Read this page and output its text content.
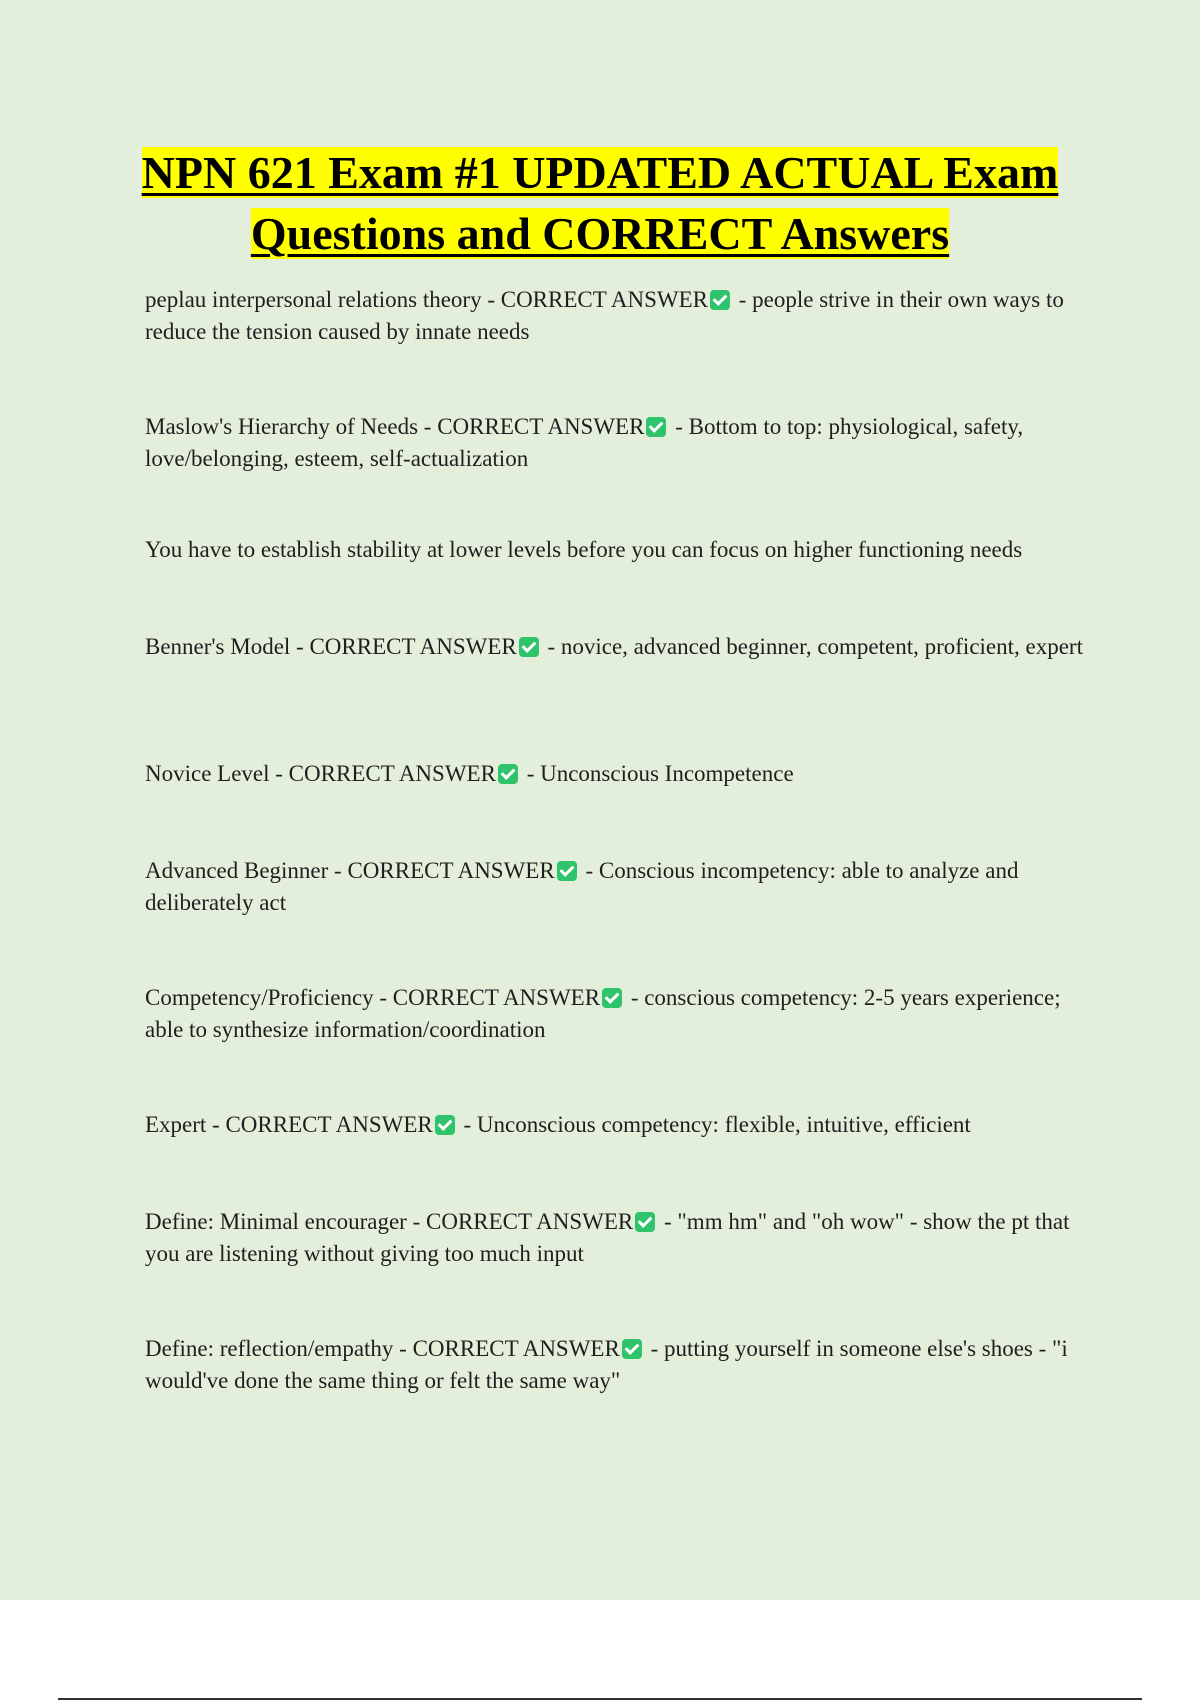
NPN 621 Exam #1 UPDATED ACTUAL Exam Questions and CORRECT Answers
peplau interpersonal relations theory - CORRECT ANSWER - people strive in their own ways to reduce the tension caused by innate needs
Maslow's Hierarchy of Needs - CORRECT ANSWER - Bottom to top: physiological, safety, love/belonging, esteem, self-actualization
You have to establish stability at lower levels before you can focus on higher functioning needs
Benner's Model - CORRECT ANSWER - novice, advanced beginner, competent, proficient, expert
Novice Level - CORRECT ANSWER - Unconscious Incompetence
Advanced Beginner - CORRECT ANSWER - Conscious incompetency: able to analyze and deliberately act
Competency/Proficiency - CORRECT ANSWER - conscious competency: 2-5 years experience; able to synthesize information/coordination
Expert - CORRECT ANSWER - Unconscious competency: flexible, intuitive, efficient
Define: Minimal encourager - CORRECT ANSWER - "mm hm" and "oh wow" - show the pt that you are listening without giving too much input
Define: reflection/empathy - CORRECT ANSWER - putting yourself in someone else's shoes - "i would've done the same thing or felt the same way"
